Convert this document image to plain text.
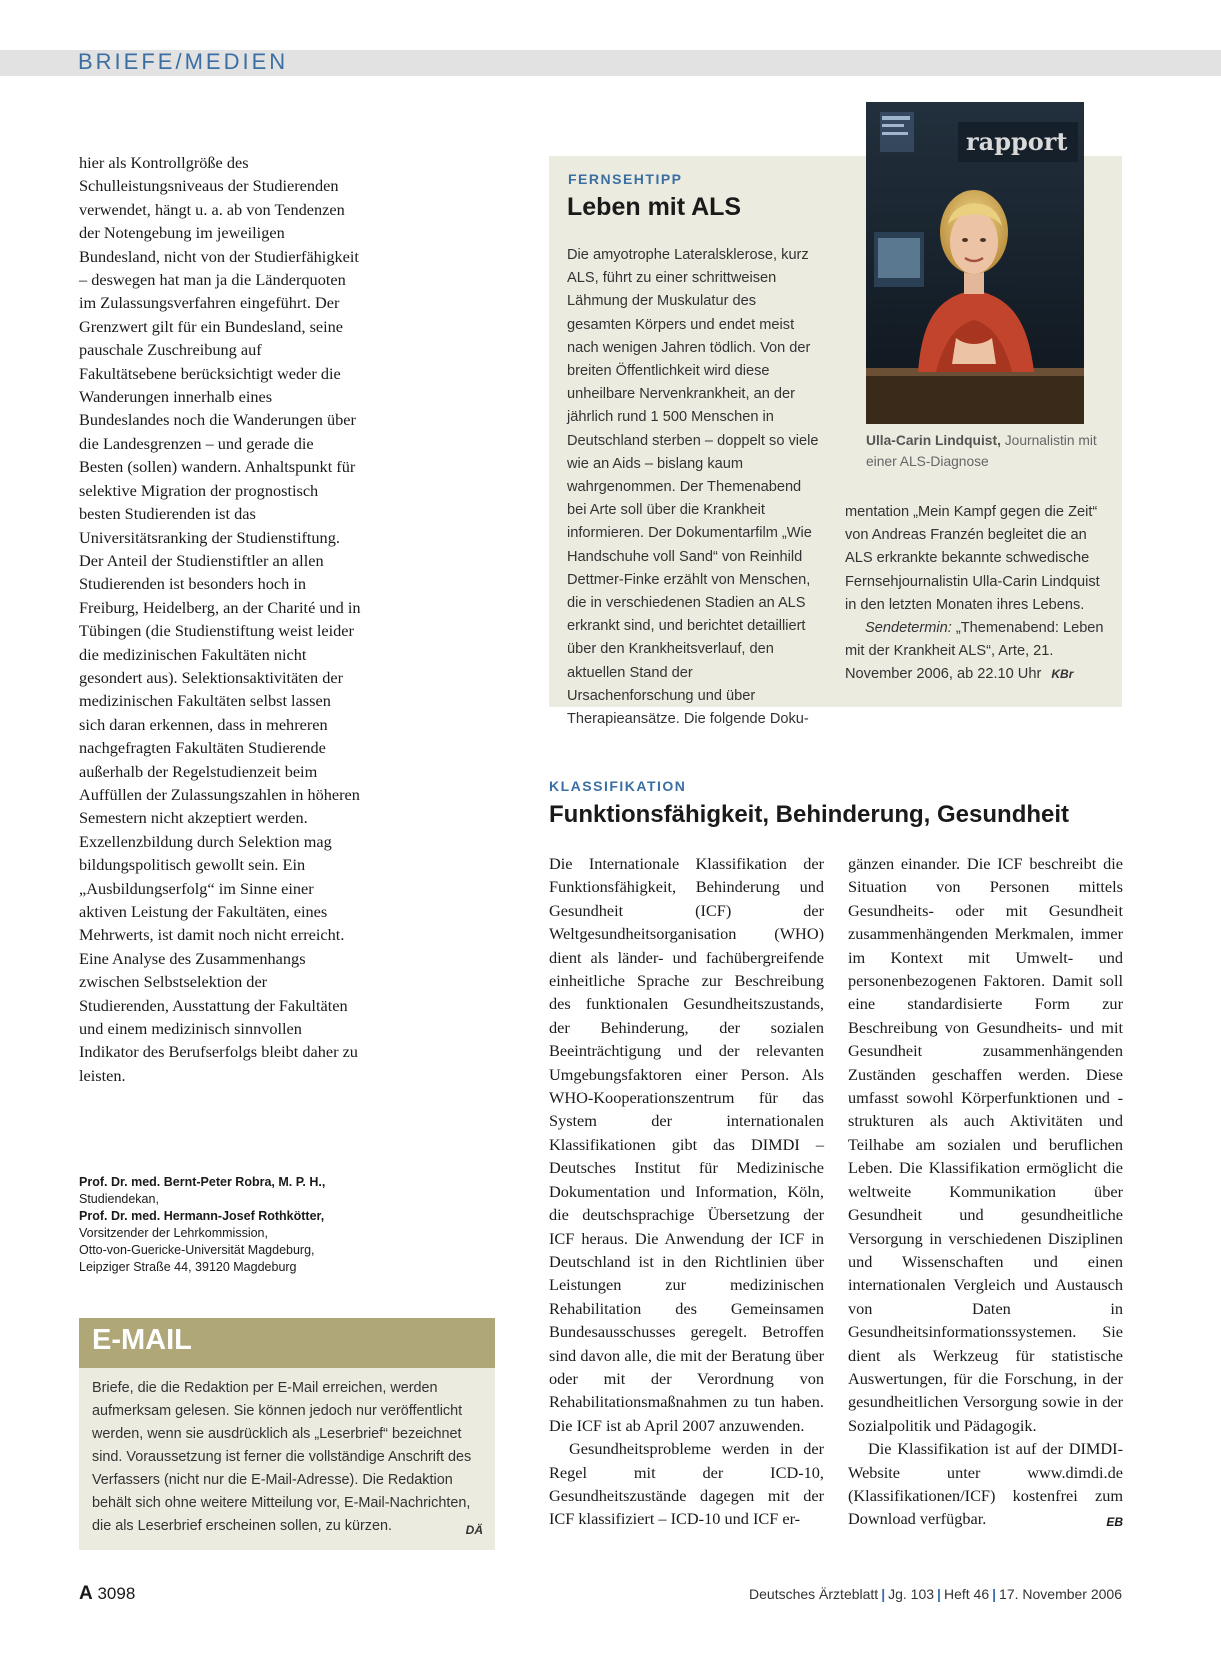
BRIEFE/MEDIEN

hier als Kontrollgröße des Schulleistungsniveaus der Studierenden verwendet, hängt u. a. ab von Tendenzen der Notengebung im jeweiligen Bundesland, nicht von der Studierfähigkeit – deswegen hat man ja die Länderquoten im Zulassungsverfahren eingeführt. Der Grenzwert gilt für ein Bundesland, seine pauschale Zuschreibung auf Fakultätsebene berücksichtigt weder die Wanderungen innerhalb eines Bundeslandes noch die Wanderungen über die Landesgrenzen – und gerade die Besten (sollen) wandern. Anhaltspunkt für selektive Migration der prognostisch besten Studierenden ist das Universitätsranking der Studienstiftung. Der Anteil der Studienstiftler an allen Studierenden ist besonders hoch in Freiburg, Heidelberg, an der Charité und in Tübingen (die Studienstiftung weist leider die medizinischen Fakultäten nicht gesondert aus). Selektionsaktivitäten der medizinischen Fakultäten selbst lassen sich daran erkennen, dass in mehreren nachgefragten Fakultäten Studierende außerhalb der Regelstudienzeit beim Auffüllen der Zulassungszahlen in höheren Semestern nicht akzeptiert werden. Exzellenzbildung durch Selektion mag bildungspolitisch gewollt sein. Ein „Ausbildungserfolg“ im Sinne einer aktiven Leistung der Fakultäten, eines Mehrwerts, ist damit noch nicht erreicht. Eine Analyse des Zusammenhangs zwischen Selbstselektion der Studierenden, Ausstattung der Fakultäten und einem medizinisch sinnvollen Indikator des Berufserfolgs bleibt daher zu leisten.

Prof. Dr. med. Bernt-Peter Robra, M. P. H.,
Studiendekan,
Prof. Dr. med. Hermann-Josef Rothkötter,
Vorsitzender der Lehrkommission,
Otto-von-Guericke-Universität Magdeburg,
Leipziger Straße 44, 39120 Magdeburg
E-MAIL
Briefe, die die Redaktion per E-Mail erreichen, werden aufmerksam gelesen. Sie können jedoch nur veröffentlicht werden, wenn sie ausdrücklich als „Leserbrief“ bezeichnet sind. Voraussetzung ist ferner die vollständige Anschrift des Verfassers (nicht nur die E-Mail-Adresse). Die Redaktion behält sich ohne weitere Mitteilung vor, E-Mail-Nachrichten, die als Leserbrief erscheinen sollen, zu kürzen.	DÄ
FERNSEHTIPP
Leben mit ALS
Die amyotrophe Lateralsklerose, kurz ALS, führt zu einer schrittweisen Lähmung der Muskulatur des gesamten Körpers und endet meist nach wenigen Jahren tödlich. Von der breiten Öffentlichkeit wird diese unheilbare Nervenkrankheit, an der jährlich rund 1 500 Menschen in Deutschland sterben – doppelt so viele wie an Aids – bislang kaum wahrgenommen. Der Themenabend bei Arte soll über die Krankheit informieren. Der Dokumentarfilm „Wie Handschuhe voll Sand“ von Reinhild Dettmer-Finke erzählt von Menschen, die in verschiedenen Stadien an ALS erkrankt sind, und berichtet detailliert über den Krankheitsverlauf, den aktuellen Stand der Ursachenforschung und über Therapieansätze. Die folgende Doku-
rapport
Ulla-Carin Lindquist, Journalistin mit einer ALS-Diagnose
mentation „Mein Kampf gegen die Zeit“ von Andreas Franzén begleitet die an ALS erkrankte bekannte schwedische Fernsehjournalistin Ulla-Carin Lindquist in den letzten Monaten ihres Lebens.
Sendetermin: „Themenabend: Leben mit der Krankheit ALS“, Arte, 21. November 2006, ab 22.10 Uhr KBr
KLASSIFIKATION
Funktionsfähigkeit, Behinderung, Gesundheit

Die Internationale Klassifikation der Funktionsfähigkeit, Behinderung und Gesundheit (ICF) der Weltgesundheitsorganisation (WHO) dient als länder- und fachübergreifende einheitliche Sprache zur Beschreibung des funktionalen Gesundheitszustands, der Behinderung, der sozialen Beeinträchtigung und der relevanten Umgebungsfaktoren einer Person. Als WHO-Kooperationszentrum für das System der internationalen Klassifikationen gibt das DIMDI – Deutsches Institut für Medizinische Dokumentation und Information, Köln, die deutschsprachige Übersetzung der ICF heraus. Die Anwendung der ICF in Deutschland ist in den Richtlinien über Leistungen zur medizinischen Rehabilitation des Gemeinsamen Bundesausschusses geregelt. Betroffen sind davon alle, die mit der Beratung über oder mit der Verordnung von Rehabilitationsmaßnahmen zu tun haben. Die ICF ist ab April 2007 anzuwenden.

Gesundheitsprobleme werden in der Regel mit der ICD-10, Gesundheitszustände dagegen mit der ICF klassifiziert – ICD-10 und ICF er-

gänzen einander. Die ICF beschreibt die Situation von Personen mittels Gesundheits- oder mit Gesundheit zusammenhängenden Merkmalen, immer im Kontext mit Umwelt- und personenbezogenen Faktoren. Damit soll eine standardisierte Form zur Beschreibung von Gesundheits- und mit Gesundheit zusammenhängenden Zuständen geschaffen werden. Diese umfasst sowohl Körperfunktionen und -strukturen als auch Aktivitäten und Teilhabe am sozialen und beruflichen Leben. Die Klassifikation ermöglicht die weltweite Kommunikation über Gesundheit und gesundheitliche Versorgung in verschiedenen Disziplinen und Wissenschaften und einen internationalen Vergleich und Austausch von Daten in Gesundheitsinformationssystemen. Sie dient als Werkzeug für statistische Auswertungen, für die Forschung, in der gesundheitlichen Versorgung sowie in der Sozialpolitik und Pädagogik.

Die Klassifikation ist auf der DIMDI-Website unter www.dimdi.de (Klassifikationen/ICF) kostenfrei zum Download verfügbar.	EB

A 3098	Deutsches Ärzteblatt | Jg. 103 | Heft 46 | 17. November 2006
